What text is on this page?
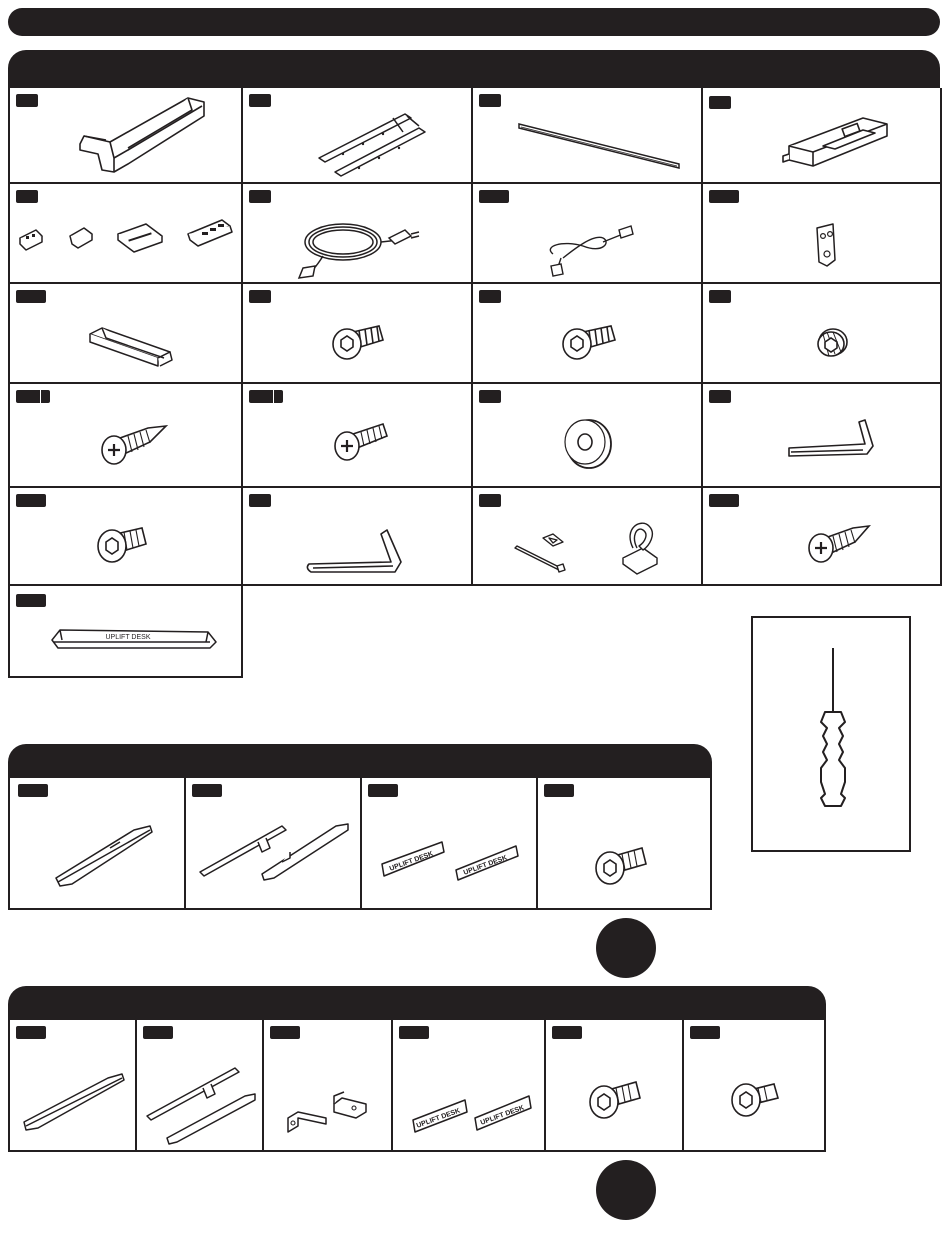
UPLIFT DESK
UPLIFT DESK	UPLIFT DESK
UPLIFT DESK	UPLIFT DESK
